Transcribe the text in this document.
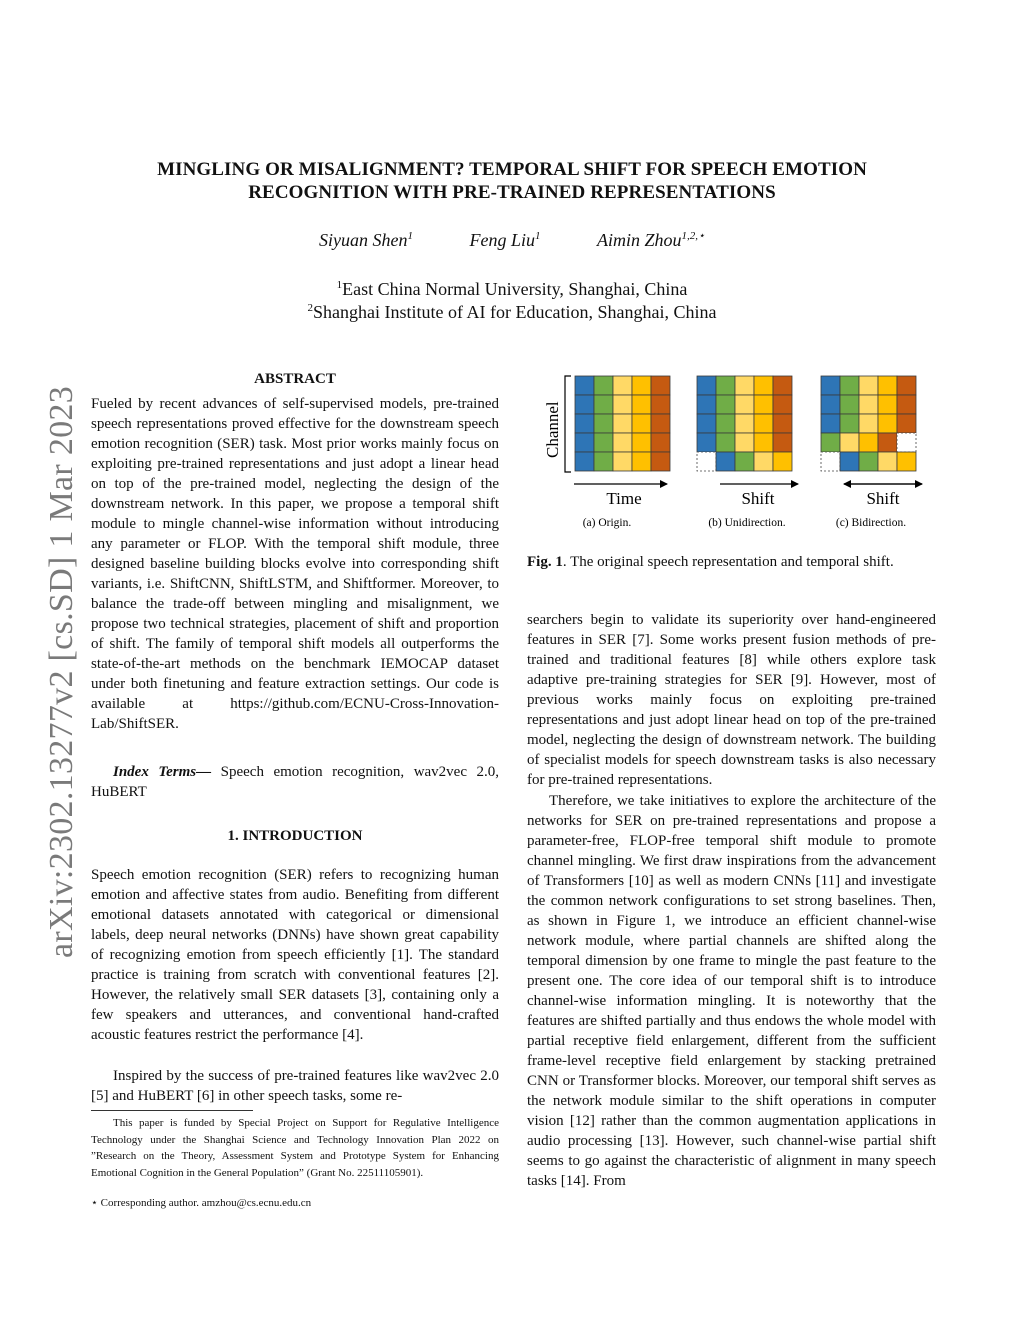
MINGLING OR MISALIGNMENT? TEMPORAL SHIFT FOR SPEECH EMOTION
RECOGNITION WITH PRE-TRAINED REPRESENTATIONS
Siyuan Shen$^1$	Feng Liu$^1$	Aimin Zhou$^{1,2,⋆}$
$^1$East China Normal University, Shanghai, China
$^2$Shanghai Institute of AI for Education, Shanghai, China
arXiv:2302.13277v2 [cs.SD] 1 Mar 2023
ABSTRACT
Fueled by recent advances of self-supervised models, pre-trained speech representations proved effective for the downstream speech emotion recognition (SER) task. Most prior works mainly focus on exploiting pre-trained representations and just adopt a linear head on top of the pre-trained model, neglecting the design of the downstream network. In this paper, we propose a temporal shift module to mingle channel-wise information without introducing any parameter or FLOP. With the temporal shift module, three designed baseline building blocks evolve into corresponding shift variants, i.e. ShiftCNN, ShiftLSTM, and Shiftformer. Moreover, to balance the trade-off between mingling and misalignment, we propose two technical strategies, placement of shift and proportion of shift. The family of temporal shift models all outperforms the state-of-the-art methods on the benchmark IEMOCAP dataset under both finetuning and feature extraction settings. Our code is available at https://github.com/ECNU-Cross-Innovation-Lab/ShiftSER.
Index Terms— Speech emotion recognition, wav2vec 2.0, HuBERT
1. INTRODUCTION
Speech emotion recognition (SER) refers to recognizing human emotion and affective states from audio. Benefiting from different emotional datasets annotated with categorical or dimensional labels, deep neural networks (DNNs) have shown great capability of recognizing emotion from speech efficiently [1]. The standard practice is training from scratch with conventional features [2]. However, the relatively small SER datasets [3], containing only a few speakers and utterances, and conventional hand-crafted acoustic features restrict the performance [4].
Inspired by the success of pre-trained features like wav2vec 2.0 [5] and HuBERT [6] in other speech tasks, some re-
This paper is funded by Special Project on Support for Regulative Intelligence Technology under the Shanghai Science and Technology Innovation Plan 2022 on ”Research on the Theory, Assessment System and Prototype System for Enhancing Emotional Cognition in the General Population” (Grant No. 22511105901).
⋆ Corresponding author. amzhou@cs.ecnu.edu.cn
Channel
Time	Shift	Shift
(a) Origin.	(b) Unidirection.	(c) Bidirection.
Fig. 1. The original speech representation and temporal shift.
searchers begin to validate its superiority over hand-engineered features in SER [7]. Some works present fusion methods of pre-trained and traditional features [8] while others explore task adaptive pre-training strategies for SER [9]. However, most of previous works mainly focus on exploiting pre-trained representations and just adopt linear head on top of the pre-trained model, neglecting the design of downstream network. The building of specialist models for speech downstream tasks is also necessary for pre-trained representations.
Therefore, we take initiatives to explore the architecture of the networks for SER on pre-trained representations and propose a parameter-free, FLOP-free temporal shift module to promote channel mingling. We first draw inspirations from the advancement of Transformers [10] as well as modern CNNs [11] and investigate the common network configurations to set strong baselines. Then, as shown in Figure 1, we introduce an efficient channel-wise network module, where partial channels are shifted along the temporal dimension by one frame to mingle the past feature to the present one. The core idea of our temporal shift is to introduce channel-wise information mingling. It is noteworthy that the features are shifted partially and thus endows the whole model with partial receptive field enlargement, different from the sufficient frame-level receptive field enlargement by stacking pretrained CNN or Transformer blocks. Moreover, our temporal shift serves as the network module similar to the shift operations in computer vision [12] rather than the common augmentation applications in audio processing [13]. However, such channel-wise partial shift seems to go against the characteristic of alignment in many speech tasks [14]. From
